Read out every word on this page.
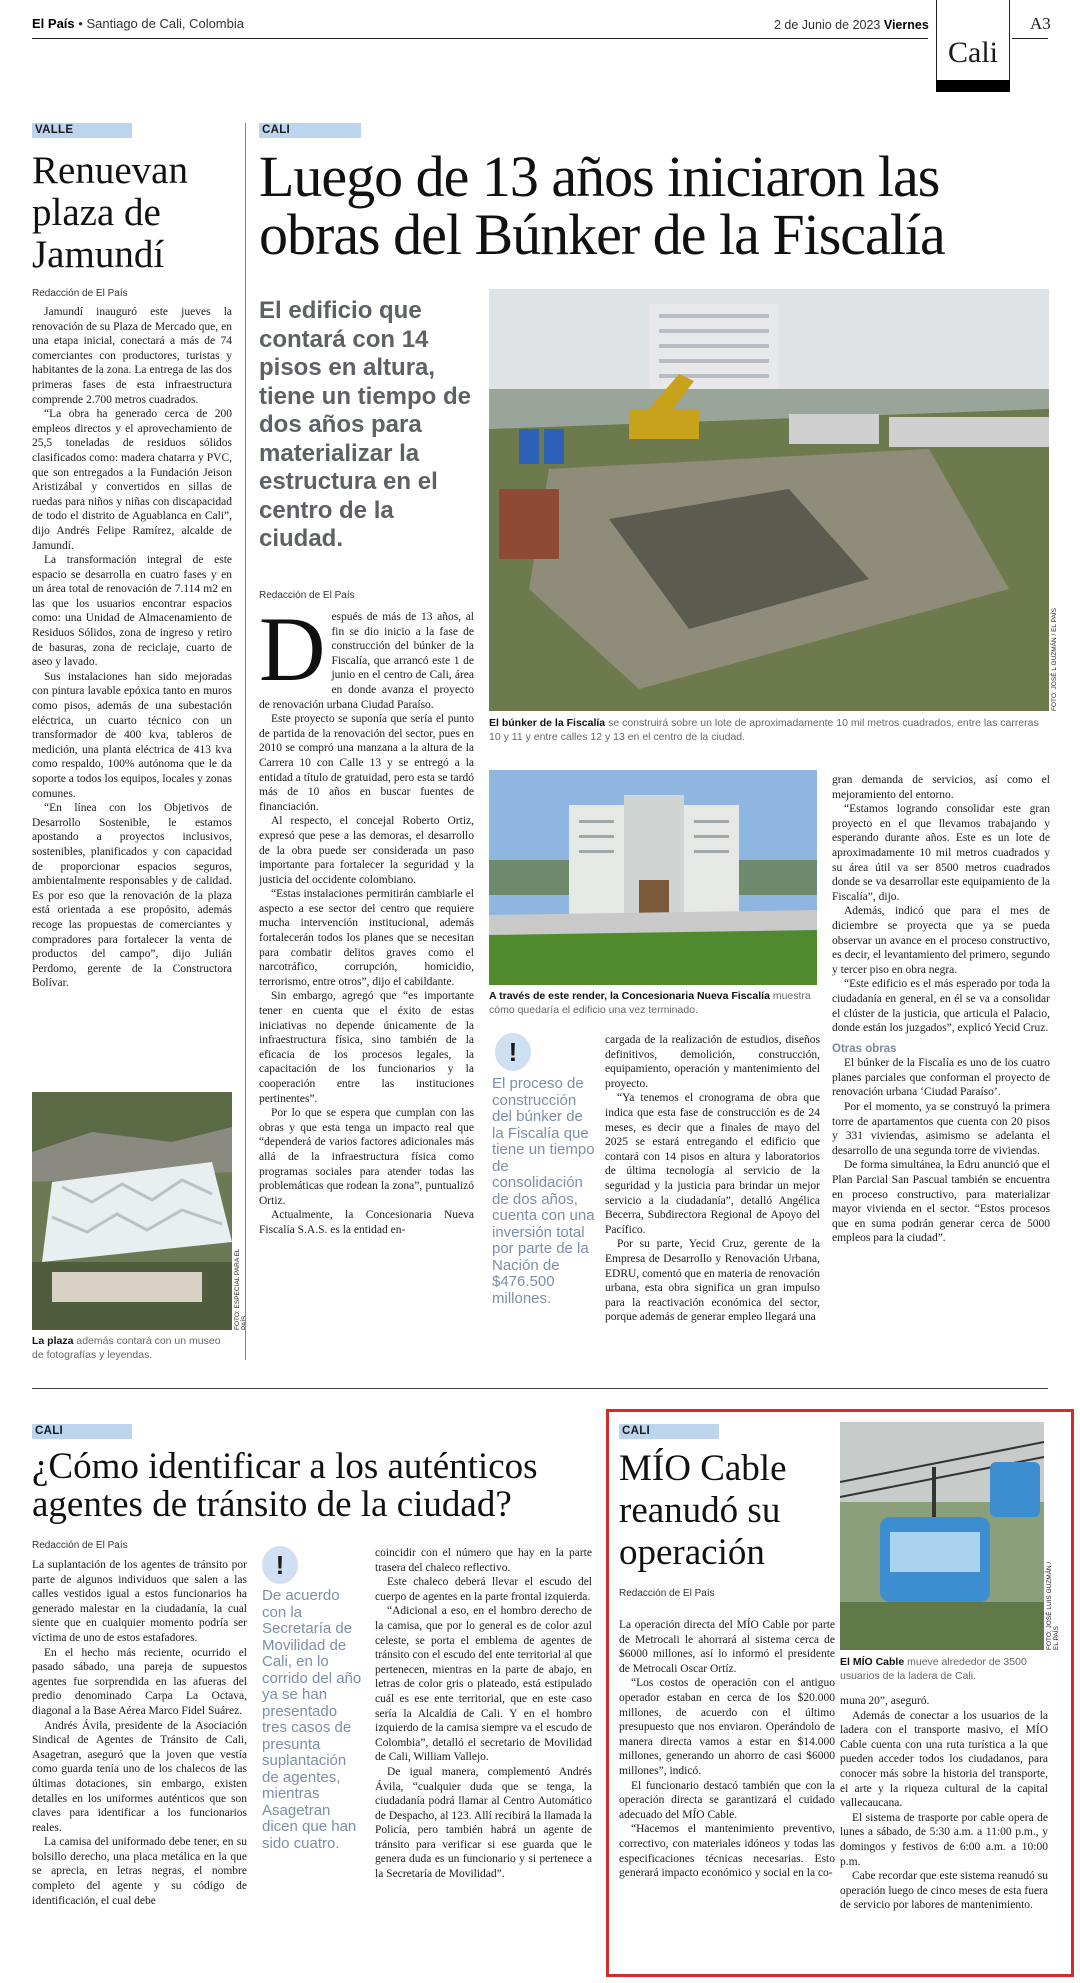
El País • Santiago de Cali, Colombia	2 de Junio de 2023 Viernes
Cali
A3
VALLE
Renuevan plaza de Jamundí
Redacción de El País

Jamundí inauguró este jueves la renovación de su Plaza de Mercado que, en una etapa inicial, conectará a más de 74 comerciantes con productores, turistas y habitantes de la zona. La entrega de las dos primeras fases de esta infraestructura comprende 2.700 metros cuadrados.

“La obra ha generado cerca de 200 empleos directos y el aprovechamiento de 25,5 toneladas de residuos sólidos clasificados como: madera chatarra y PVC, que son entregados a la Fundación Jeison Aristizábal y convertidos en sillas de ruedas para niños y niñas con discapacidad de todo el distrito de Aguablanca en Cali”, dijo Andrés Felipe Ramírez, alcalde de Jamundí.

La transformación integral de este espacio se desarrolla en cuatro fases y en un área total de renovación de 7.114 m2 en las que los usuarios encontrar espacios como: una Unidad de Almacenamiento de Residuos Sólidos, zona de ingreso y retiro de basuras, zona de reciclaje, cuarto de aseo y lavado.

Sus instalaciones han sido mejoradas con pintura lavable epóxica tanto en muros como pisos, además de una subestación eléctrica, un cuarto técnico con un transformador de 400 kva, tableros de medición, una planta eléctrica de 413 kva como respaldo, 100% autónoma que le da soporte a todos los equipos, locales y zonas comunes.

“En línea con los Objetivos de Desarrollo Sostenible, le estamos apostando a proyectos inclusivos, sostenibles, planificados y con capacidad de proporcionar espacios seguros, ambientalmente responsables y de calidad. Es por eso que la renovación de la plaza está orientada a ese propósito, además recoge las propuestas de comerciantes y compradores para fortalecer la venta de productos del campo”, dijo Julián Perdomo, gerente de la Constructora Bolívar.

FOTO: ESPECIAL PARA EL
La plaza además contará con un museo de fotografías y leyendas.
CALI
Luego de 13 años iniciaron las obras del Búnker de la Fiscalía
El edificio que contará con 14 pisos en altura, tiene un tiempo de dos años para materializar la estructura en el centro de la ciudad.
Redacción de El País
FOTO: JOSÉ L GUZMÁN / EL PAÍS
El búnker de la Fiscalía se construirá sobre un lote de aproximadamente 10 mil metros cuadrados, entre las carreras 10 y 11 y entre calles 12 y 13 en el centro de la ciudad.
A través de este render, la Concesionaria Nueva Fiscalía muestra cómo quedaría el edificio una vez terminado.
D espués de más de 13 años, al fin se dio inicio a la fase de construcción del búnker de la Fiscalía, que arrancó este 1 de junio en el centro de Cali, área en donde avanza el proyecto de renovación urbana Ciudad Paraíso.

Este proyecto se suponía que sería el punto de partida de la renovación del sector, pues en 2010 se compró una manzana a la altura de la Carrera 10 con Calle 13 y se entregó a la entidad a título de gratuidad, pero esta se tardó más de 10 años en buscar fuentes de financiación.

Al respecto, el concejal Roberto Ortiz, expresó que pese a las demoras, el desarrollo de la obra puede ser considerada un paso importante para fortalecer la seguridad y la justicia del occidente colombiano.

“Estas instalaciones permitirán cambiarle el aspecto a ese sector del centro que requiere mucha intervención institucional, además fortalecerán todos los planes que se necesitan para combatir delitos graves como el narcotráfico, corrupción, homicidio, terrorismo, entre otros”, dijo el cabildante.

Sin embargo, agregó que “es importante tener en cuenta que el éxito de estas iniciativas no depende únicamente de la infraestructura física, sino también de la eficacia de los procesos legales, la capacitación de los funcionarios y la cooperación entre las instituciones pertinentes”.

Por lo que se espera que cumplan con las obras y que esta tenga un impacto real que “dependerá de varios factores adicionales más allá de la infraestructura física como programas sociales para atender todas las problemáticas que rodean la zona”, puntualizó Ortiz.

Actualmente, la Concesionaria Nueva Fiscalía S.A.S. es la entidad en-

!
El proceso de construcción del búnker de la Fiscalía que tiene un tiempo de consolidación de dos años, cuenta con una inversión total por parte de la Nación de $476.500 millones.

cargada de la realización de estudios, diseños definitivos, demolición, construcción, equipamiento, operación y mantenimiento del proyecto.

“Ya tenemos el cronograma de obra que indica que esta fase de construcción es de 24 meses, es decir que a finales de mayo del 2025 se estará entregando el edificio que contará con 14 pisos en altura y laboratorios de última tecnología al servicio de la seguridad y la justicia para brindar un mejor servicio a la ciudadanía”, detalló Angélica Becerra, Subdirectora Regional de Apoyo del Pacífico.

Por su parte, Yecid Cruz, gerente de la Empresa de Desarrollo y Renovación Urbana, EDRU, comentó que en materia de renovación urbana, esta obra significa un gran impulso para la reactivación económica del sector, porque además de generar empleo llegará una

gran demanda de servicios, así como el mejoramiento del entorno.

“Estamos logrando consolidar este gran proyecto en el que llevamos trabajando y esperando durante años. Este es un lote de aproximadamente 10 mil metros cuadrados y su área útil va ser 8500 metros cuadrados donde se va desarrollar este equipamiento de la Fiscalía”, dijo.

Además, indicó que para el mes de diciembre se proyecta que ya se pueda observar un avance en el proceso constructivo, es decir, el levantamiento del primero, segundo y tercer piso en obra negra.

“Este edificio es el más esperado por toda la ciudadanía en general, en él se va a consolidar el clúster de la justicia, que articula el Palacio, donde están los juzgados”, explicó Yecid Cruz.

Otras obras

El búnker de la Fiscalía es uno de los cuatro planes parciales que conforman el proyecto de renovación urbana ‘Ciudad Paraíso’.

Por el momento, ya se construyó la primera torre de apartamentos que cuenta con 20 pisos y 331 viviendas, asimismo se adelanta el desarrollo de una segunda torre de viviendas.

De forma simultánea, la Edru anunció que el Plan Parcial San Pascual también se encuentra en proceso constructivo, para materializar mayor vivienda en el sector. “Estos procesos que en suma podrán generar cerca de 5000 empleos para la ciudad”.

CALI
¿Cómo identificar a los auténticos agentes de tránsito de la ciudad?
Redacción de El País

La suplantación de los agentes de tránsito por parte de algunos individuos que salen a las calles vestidos igual a estos funcionarios ha generado malestar en la ciudadanía, la cual siente que en cualquier momento podría ser víctima de uno de estos estafadores.

En el hecho más reciente, ocurrido el pasado sábado, una pareja de supuestos agentes fue sorprendida en las afueras del predio denominado Carpa La Octava, diagonal a la Base Aérea Marco Fidel Suárez.

Andrés Ávila, presidente de la Asociación Sindical de Agentes de Tránsito de Cali, Asagetran, aseguró que la joven que vestía como guarda tenía uno de los chalecos de las últimas dotaciones, sin embargo, existen detalles en los uniformes auténticos que son claves para identificar a los funcionarios reales.

La camisa del uniformado debe tener, en su bolsillo derecho, una placa metálica en la que se aprecia, en letras negras, el nombre completo del agente y su código de identificación, el cual debe

!
De acuerdo con la Secretaría de Movilidad de Cali, en lo corrido del año ya se han presentado tres casos de presunta suplantación de agentes, mientras Asagetran dicen que han sido cuatro.

coincidir con el número que hay en la parte trasera del chaleco reflectivo.

Este chaleco deberá llevar el escudo del cuerpo de agentes en la parte frontal izquierda.

“Adicional a eso, en el hombro derecho de la camisa, que por lo general es de color azul celeste, se porta el emblema de agentes de tránsito con el escudo del ente territorial al que pertenecen, mientras en la parte de abajo, en letras de color gris o plateado, está estipulado cuál es ese ente territorial, que en este caso sería la Alcaldía de Cali. Y en el hombro izquierdo de la camisa siempre va el escudo de Colombia”, detalló el secretario de Movilidad de Cali, William Vallejo.

De igual manera, complementó Andrés Ávila, “cualquier duda que se tenga, la ciudadanía podrá llamar al Centro Automático de Despacho, al 123. Allí recibirá la llamada la Policía, pero también habrá un agente de tránsito para verificar si ese guarda que le genera duda es un funcionario y si pertenece a la Secretaría de Movilidad”.

CALI
MÍO Cable reanudó su operación
Redacción de El País	FOTO: JOSÉ LUIS GUZMÁN / EL PAÍS
El MÍO Cable mueve alrededor de 3500 usuarios de la ladera de Cali.

La operación directa del MÍO Cable por parte de Metrocali le ahorrará al sistema cerca de $6000 millones, así lo informó el presidente de Metrocali Oscar Ortíz.

“Los costos de operación con el antiguo operador estaban en cerca de los $20.000 millones, de acuerdo con el último presupuesto que nos enviaron. Operándolo de manera directa vamos a estar en $14.000 millones, generando un ahorro de casi $6000 millones”, indicó.

El funcionario destacó también que con la operación directa se garantizará el cuidado adecuado del MÍO Cable.

“Hacemos el mantenimiento preventivo, correctivo, con materiales idóneos y todas las especificaciones técnicas necesarias. Esto generará impacto económico y social en la co-

muna 20”, aseguró.

Además de conectar a los usuarios de la ladera con el transporte masivo, el MÍO Cable cuenta con una ruta turística a la que pueden acceder todos los ciudadanos, para conocer más sobre la historia del transporte, el arte y la riqueza cultural de la capital vallecaucana.

El sistema de trasporte por cable opera de lunes a sábado, de 5:30 a.m. a 11:00 p.m., y domingos y festivos de 6:00 a.m. a 10:00 p.m.

Cabe recordar que este sistema reanudó su operación luego de cinco meses de esta fuera de servicio por labores de mantenimiento.
